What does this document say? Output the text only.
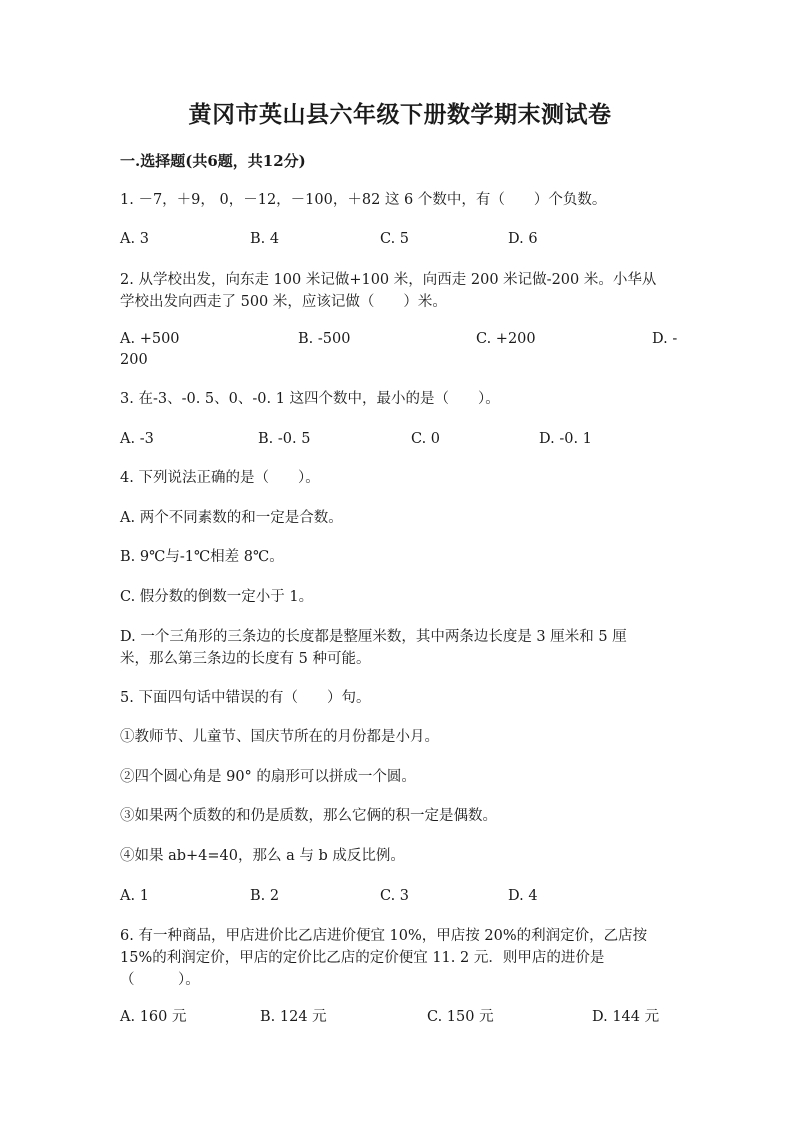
黄冈市英山县六年级下册数学期末测试卷
一.选择题(共6题，共12分)
1. －7，＋9， 0，－12，－100，＋82 这 6 个数中，有（　　）个负数。
A. 3	B. 4	C. 5	D. 6
2. 从学校出发，向东走 100 米记做+100 米，向西走 200 米记做-200 米。小华从
学校出发向西走了 500 米，应该记做（　　）米。
A. +500	B. -500	C. +200	D. -
200
3. 在-3、-0. 5、0、-0. 1 这四个数中，最小的是（　　）。
A. -3	B. -0. 5	C. 0	D. -0. 1
4. 下列说法正确的是（　　）。
A. 两个不同素数的和一定是合数。
B. 9℃与-1℃相差 8℃。
C. 假分数的倒数一定小于 1。
D. 一个三角形的三条边的长度都是整厘米数，其中两条边长度是 3 厘米和 5 厘
米，那么第三条边的长度有 5 种可能。
5. 下面四句话中错误的有（　　）句。
①教师节、儿童节、国庆节所在的月份都是小月。
②四个圆心角是 90° 的扇形可以拼成一个圆。
③如果两个质数的和仍是质数，那么它俩的积一定是偶数。
④如果 ab+4=40，那么 a 与 b 成反比例。
A. 1	B. 2	C. 3	D. 4
6. 有一种商品，甲店进价比乙店进价便宜 10%，甲店按 20%的利润定价，乙店按
15%的利润定价，甲店的定价比乙店的定价便宜 11. 2 元．则甲店的进价是
（　　　）。
A. 160 元	B. 124 元	C. 150 元	D. 144 元
